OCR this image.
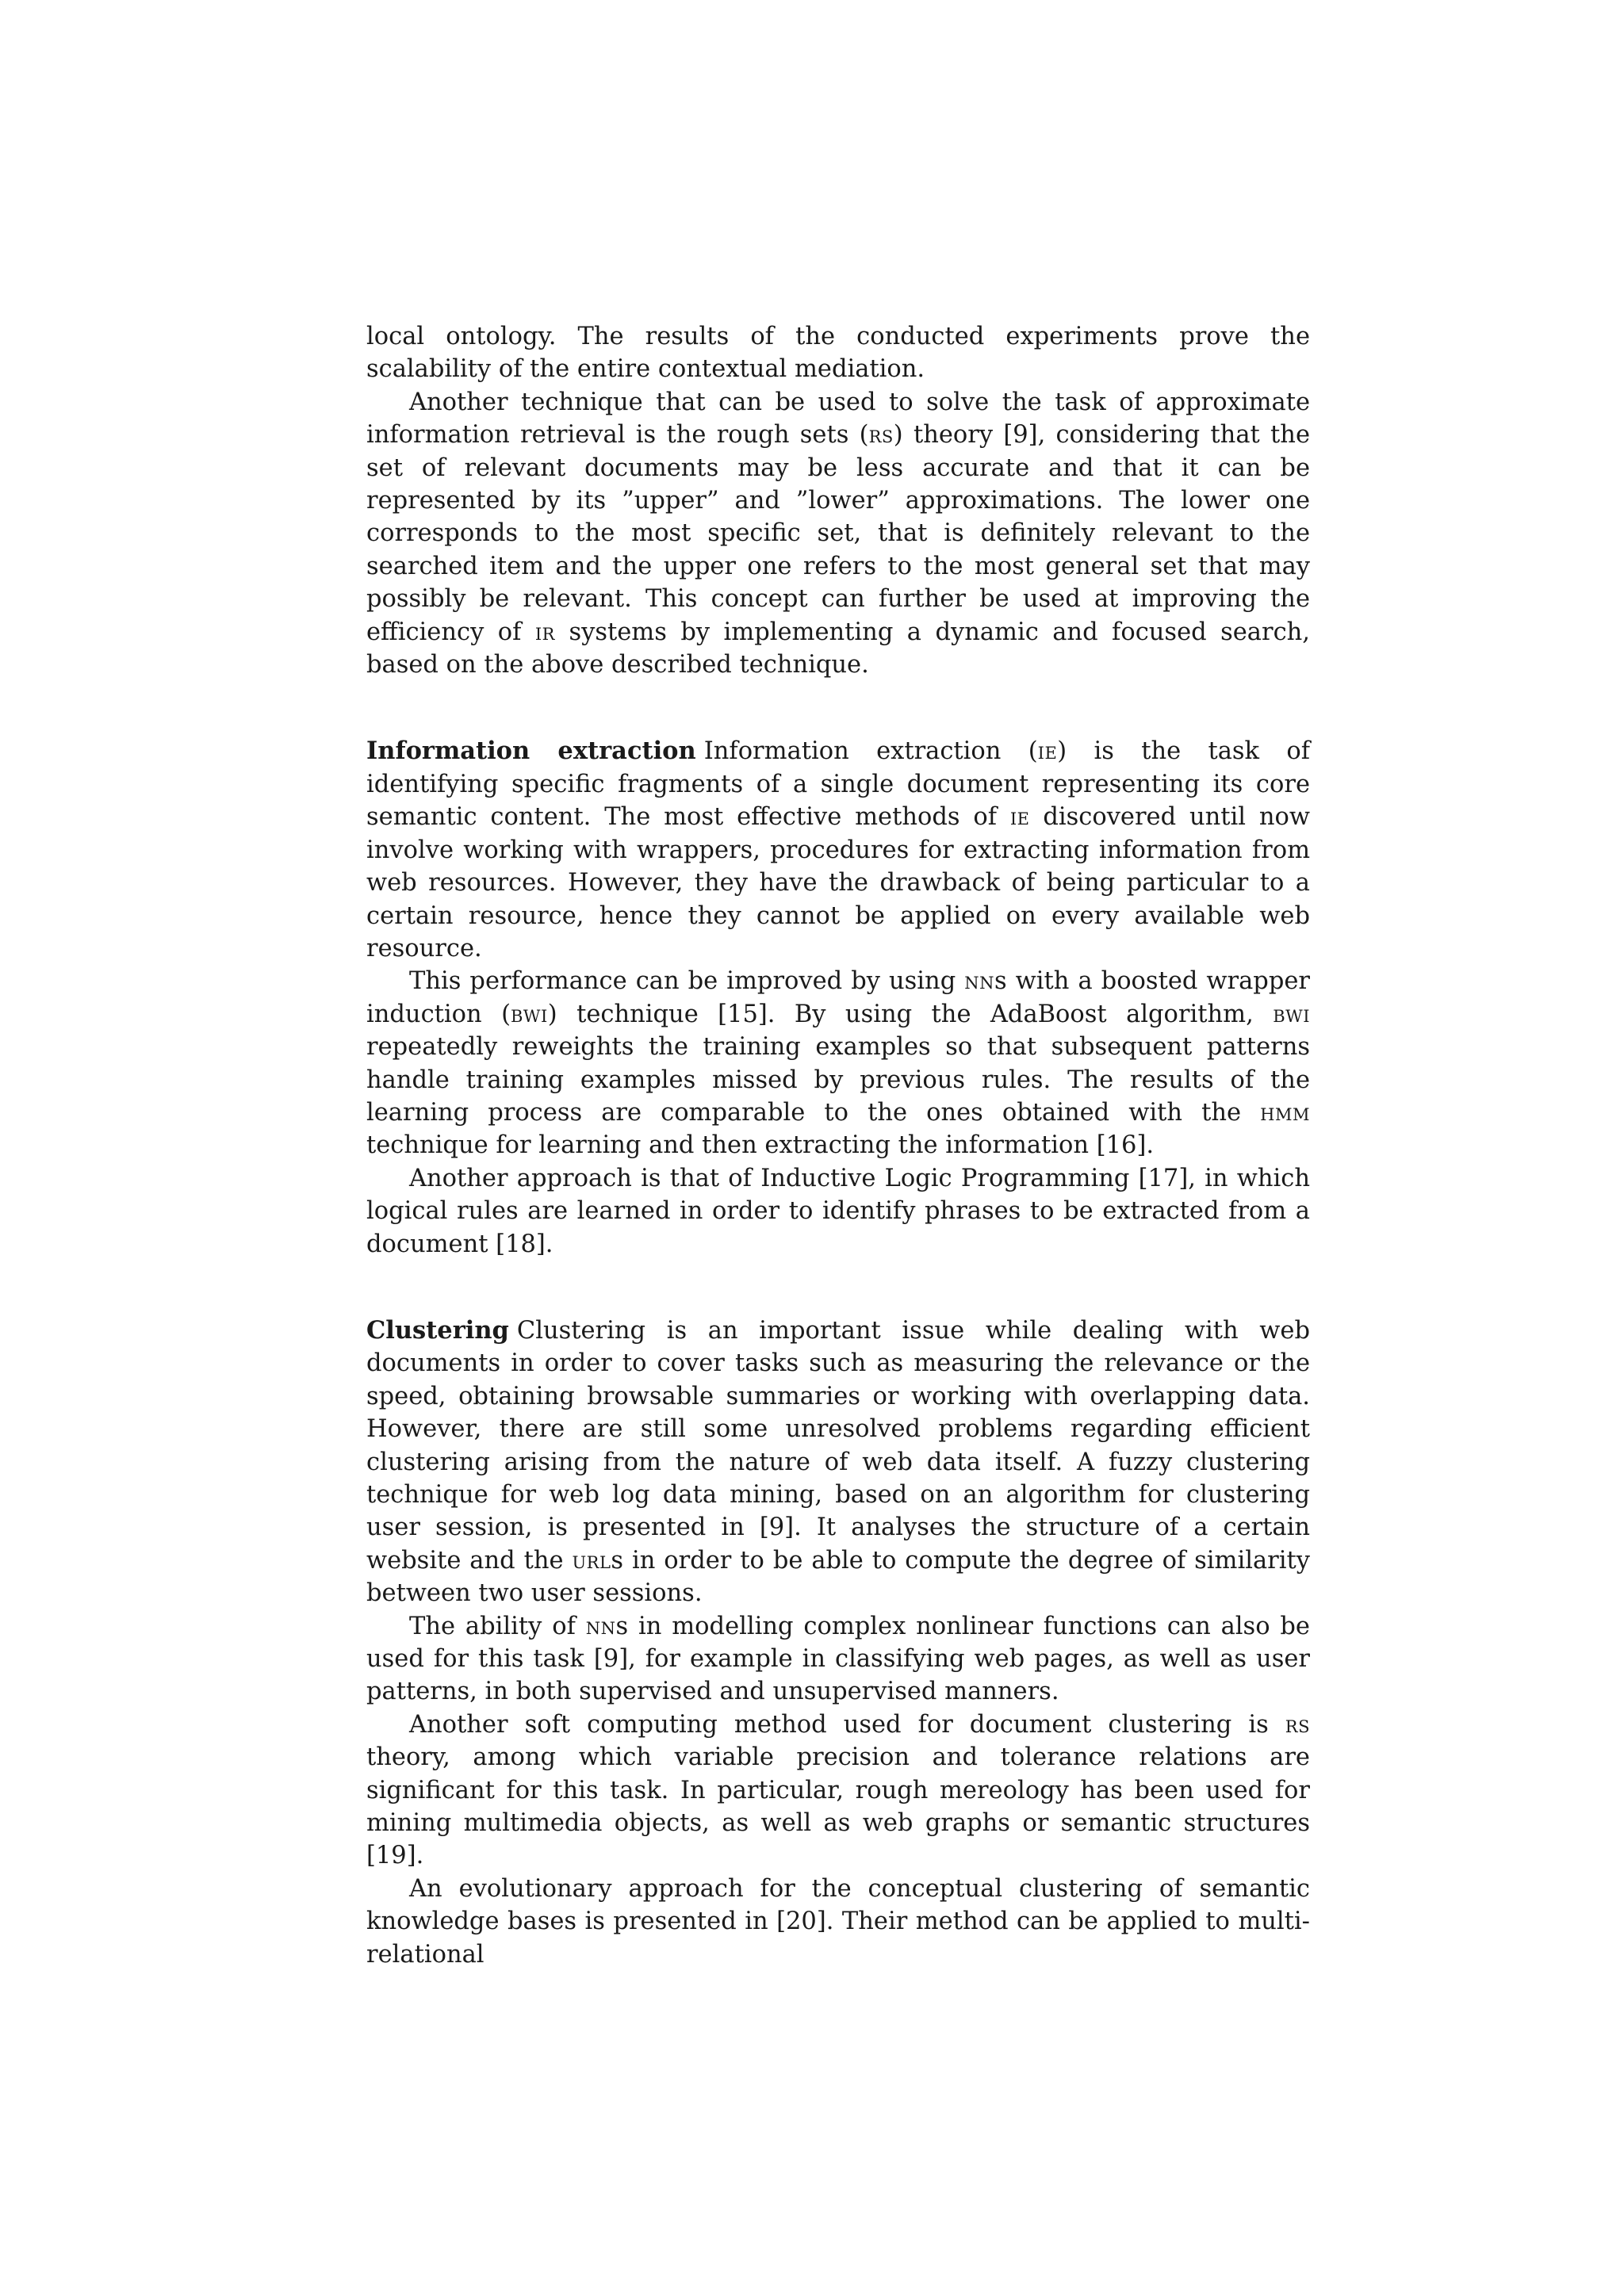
local ontology. The results of the conducted experiments prove the scalability of the entire contextual mediation.

Another technique that can be used to solve the task of approximate information retrieval is the rough sets (rs) theory [9], considering that the set of relevant documents may be less accurate and that it can be represented by its ”upper” and ”lower” approximations. The lower one corresponds to the most specific set, that is definitely relevant to the searched item and the upper one refers to the most general set that may possibly be relevant. This concept can further be used at improving the efficiency of ir systems by implementing a dynamic and focused search, based on the above described technique.

Information extraction Information extraction (ie) is the task of identifying specific fragments of a single document representing its core semantic content. The most effective methods of ie discovered until now involve working with wrappers, procedures for extracting information from web resources. However, they have the drawback of being particular to a certain resource, hence they cannot be applied on every available web resource.

This performance can be improved by using nns with a boosted wrapper induction (bwi) technique [15]. By using the AdaBoost algorithm, bwi repeatedly reweights the training examples so that subsequent patterns handle training examples missed by previous rules. The results of the learning process are comparable to the ones obtained with the hmm technique for learning and then extracting the information [16].

Another approach is that of Inductive Logic Programming [17], in which logical rules are learned in order to identify phrases to be extracted from a document [18].

Clustering Clustering is an important issue while dealing with web documents in order to cover tasks such as measuring the relevance or the speed, obtaining browsable summaries or working with overlapping data. However, there are still some unresolved problems regarding efficient clustering arising from the nature of web data itself. A fuzzy clustering technique for web log data mining, based on an algorithm for clustering user session, is presented in [9]. It analyses the structure of a certain website and the urls in order to be able to compute the degree of similarity between two user sessions.

The ability of nns in modelling complex nonlinear functions can also be used for this task [9], for example in classifying web pages, as well as user patterns, in both supervised and unsupervised manners.

Another soft computing method used for document clustering is rs theory, among which variable precision and tolerance relations are significant for this task. In particular, rough mereology has been used for mining multimedia objects, as well as web graphs or semantic structures [19].

An evolutionary approach for the conceptual clustering of semantic knowledge bases is presented in [20]. Their method can be applied to multi-relational
